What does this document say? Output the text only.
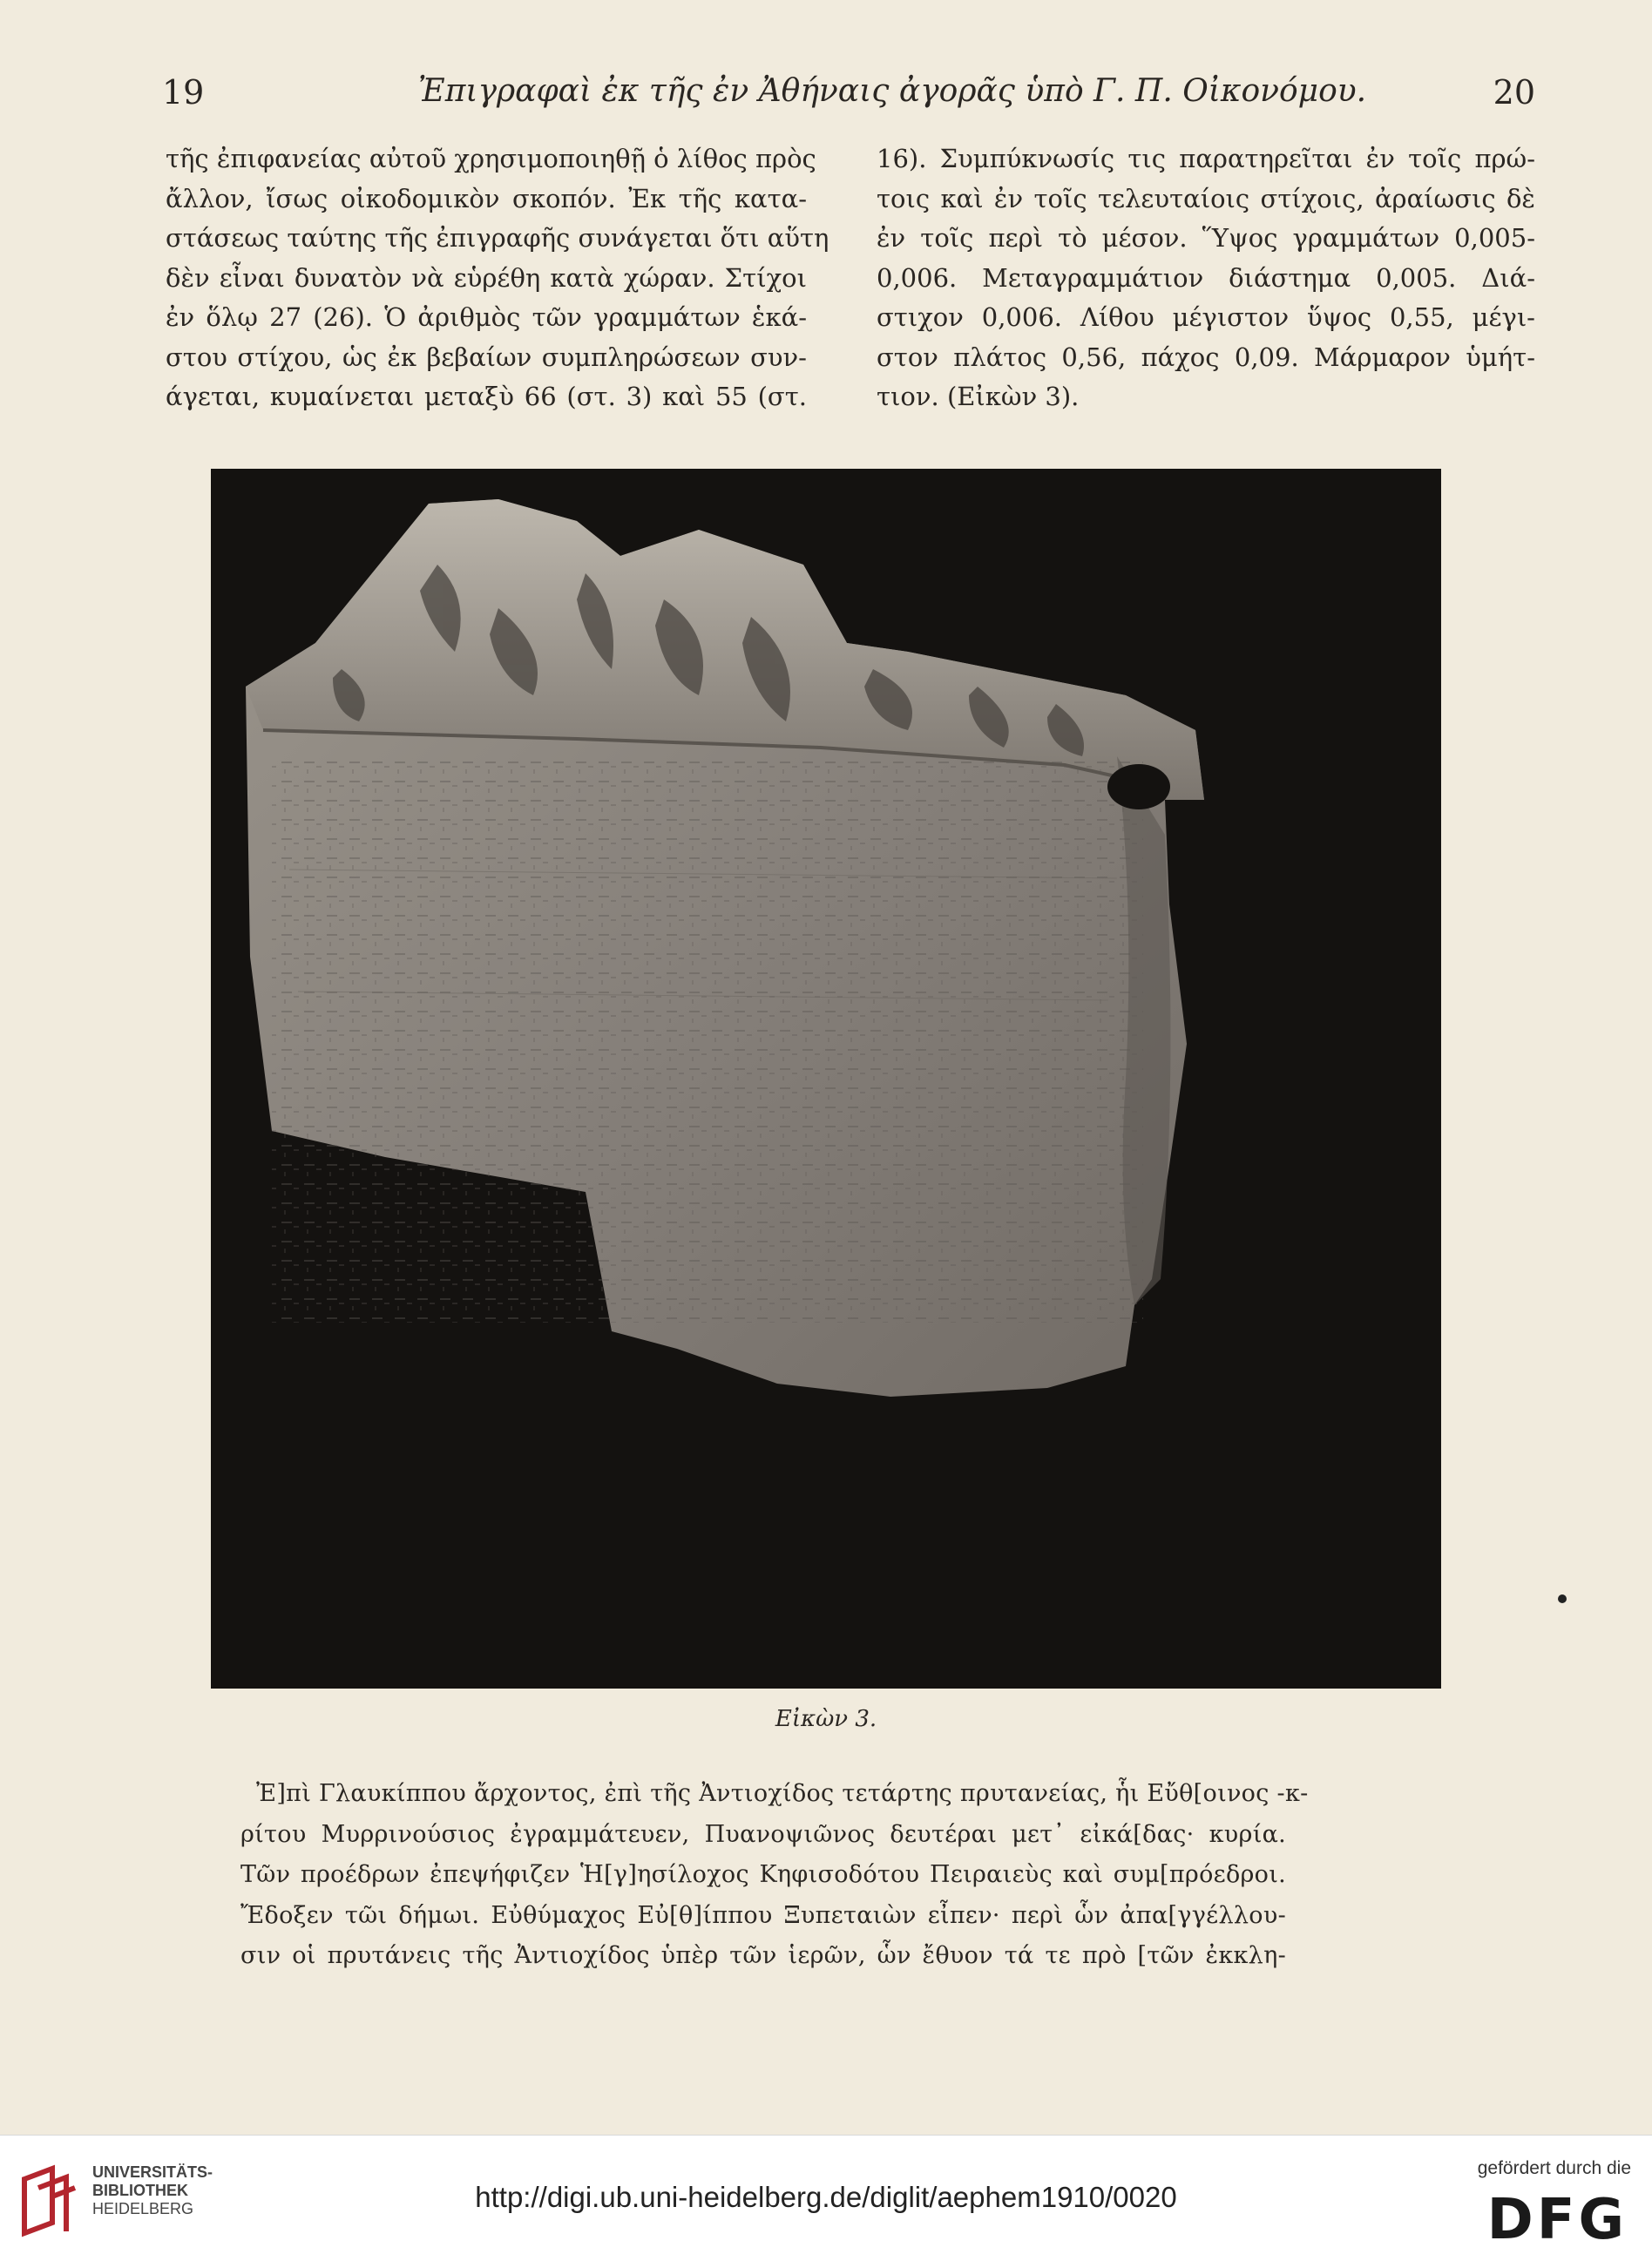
19	Ἐπιγραφαὶ ἐκ τῆς ἐν Ἀθήναις ἀγορᾶς ὑπὸ Γ. Π. Οἰκονόμου.	20
τῆς ἐπιφανείας αὐτοῦ χρησιμοποιηθῇ ὁ λίθος πρὸς
ἄλλον, ἴσως οἰκοδομικὸν σκοπόν. Ἐκ τῆς κατα-
στάσεως ταύτης τῆς ἐπιγραφῆς συνάγεται ὅτι αὕτη
δὲν εἶναι δυνατὸν νὰ εὑρέθη κατὰ χώραν. Στίχοι
ἐν ὅλῳ 27 (26). Ὁ ἀριθμὸς τῶν γραμμάτων ἑκά-
στου στίχου, ὡς ἐκ βεβαίων συμπληρώσεων συν-
άγεται, κυμαίνεται μεταξὺ 66 (στ. 3) καὶ 55 (στ.
16). Συμπύκνωσίς τις παρατηρεῖται ἐν τοῖς πρώ-
τοις καὶ ἐν τοῖς τελευταίοις στίχοις, ἀραίωσις δὲ
ἐν τοῖς περὶ τὸ μέσον. Ὕψος γραμμάτων 0,005-
0,006. Μεταγραμμάτιον διάστημα 0,005. Διά-
στιχον 0,006. Λίθου μέγιστον ὕψος 0,55, μέγι-
στον πλάτος 0,56, πάχος 0,09. Μάρμαρον ὑμήτ-
τιον. (Εἰκὼν 3).
Εἰκὼν 3.
Ἐ]πὶ Γλαυκίππου ἄρχοντος, ἐπὶ τῆς Ἀντιοχίδος τετάρτης πρυτανείας, ἧι Εὔθ[οινος -κ-
ρίτου Μυρρινούσιος ἐγραμμάτευεν, Πυανοψιῶνος δευτέραι μετ᾽ εἰκά[δας· κυρία.
Τῶν προέδρων ἐπεψήφιζεν Ἡ[γ]ησίλοχος Κηφισοδότου Πειραιεὺς καὶ συμ[πρόεδροι.
Ἔδοξεν τῶι δήμωι. Εὐθύμαχος Εὐ[θ]ίππου Ξυπεταιὼν εἶπεν· περὶ ὧν ἀπα[γγέλλου-
σιν οἱ πρυτάνεις τῆς Ἀντιοχίδος ὑπὲρ τῶν ἱερῶν, ὧν ἔθυον τά τε πρὸ [τῶν ἐκκλη-
UNIVERSITÄTS-
BIBLIOTHEK
HEIDELBERG	http://digi.ub.uni-heidelberg.de/diglit/aephem1910/0020
gefördert durch die
DFG
